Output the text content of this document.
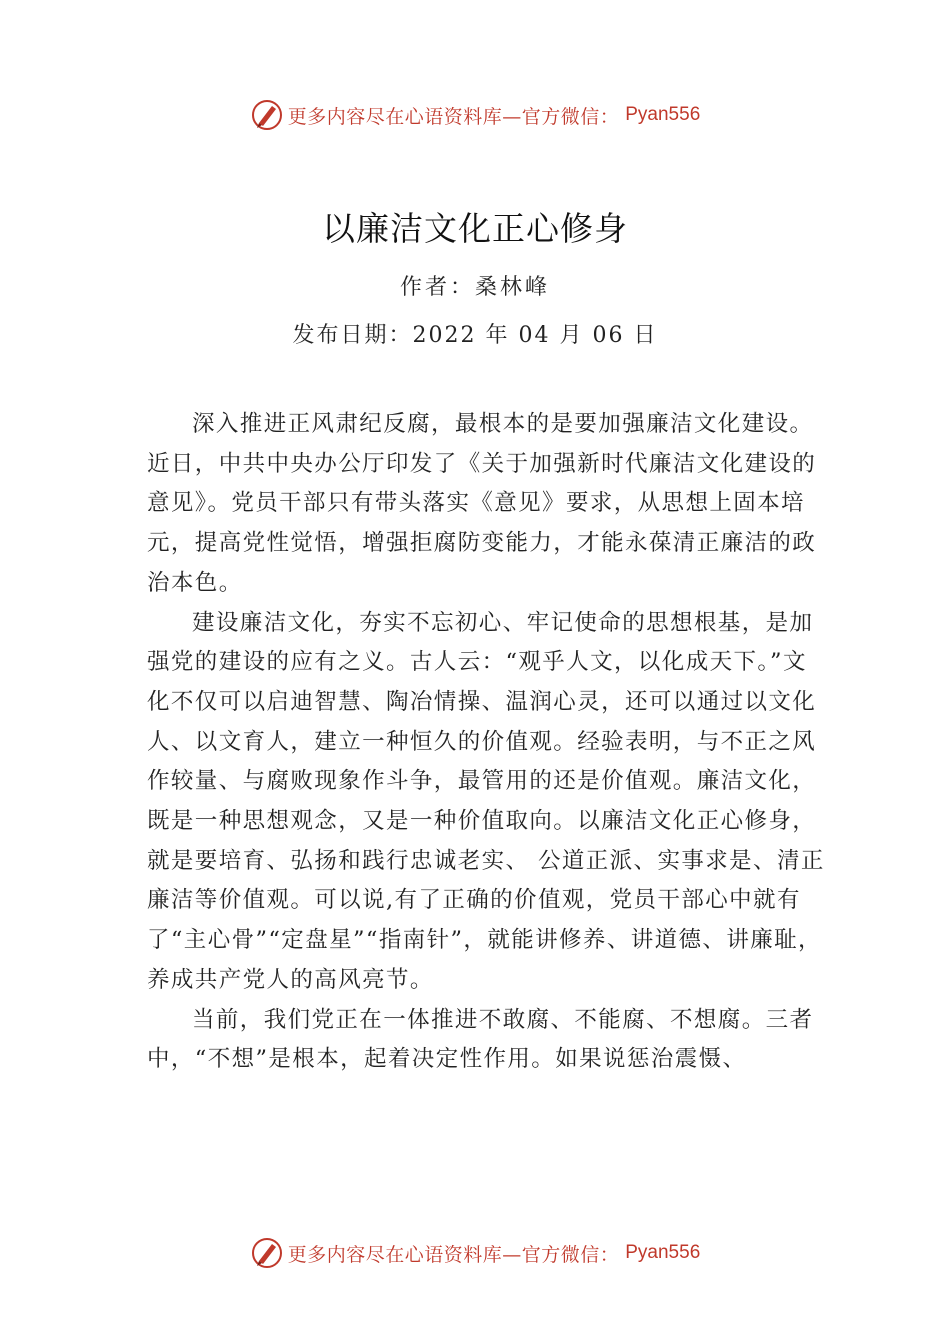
更多内容尽在心语资料库—官方微信： Pyan556
以廉洁文化正心修身
作者：桑林峰
发布日期：2022 年 04 月 06 日

深入推进正风肃纪反腐，最根本的是要加强廉洁文化建设。近日，中共中央办公厅印发了《关于加强新时代廉洁文化建设的意见》。党员干部只有带头落实《意见》要求，从思想上固本培元，提高党性觉悟，增强拒腐防变能力，才能永葆清正廉洁的政治本色。

建设廉洁文化，夯实不忘初心、牢记使命的思想根基，是加强党的建设的应有之义。古人云：“观乎人文，以化成天下。”文化不仅可以启迪智慧、陶冶情操、温润心灵，还可以通过以文化人、以文育人，建立一种恒久的价值观。经验表明，与不正之风作较量、与腐败现象作斗争，最管用的还是价值观。廉洁文化，既是一种思想观念，又是一种价值取向。以廉洁文化正心修身，就是要培育、弘扬和践行忠诚老实、 公道正派、实事求是、清正廉洁等价值观。可以说,有了正确的价值观，党员干部心中就有了“主心骨”“定盘星”“指南针”，就能讲修养、讲道德、讲廉耻，养成共产党人的高风亮节。

当前，我们党正在一体推进不敢腐、不能腐、不想腐。三者中，“不想”是根本，起着决定性作用。如果说惩治震慑、

更多内容尽在心语资料库—官方微信： Pyan556
